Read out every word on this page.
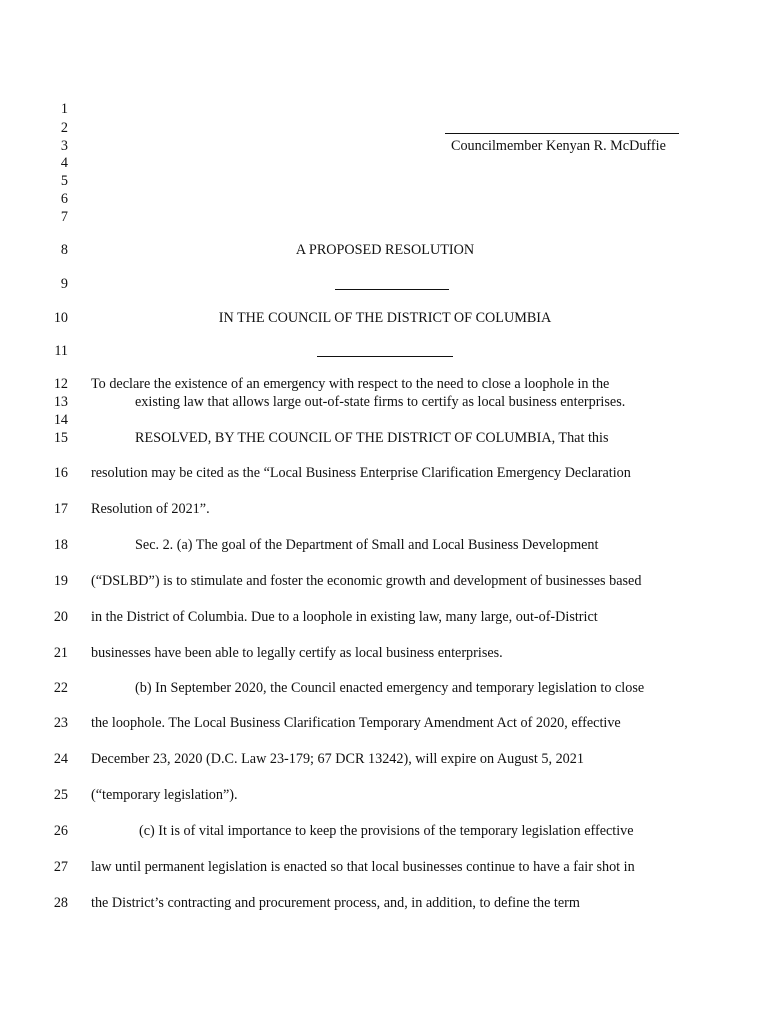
1
2
3
4
5
6
7
8
9
10
11
12
13
14
15
16
17
18
19
20
21
22
23
24
25
26
27
28
Councilmember Kenyan R. McDuffie
A PROPOSED RESOLUTION
IN THE COUNCIL OF THE DISTRICT OF COLUMBIA
To declare the existence of an emergency with respect to the need to close a loophole in the
existing law that allows large out-of-state firms to certify as local business enterprises.
RESOLVED, BY THE COUNCIL OF THE DISTRICT OF COLUMBIA, That this
resolution may be cited as the “Local Business Enterprise Clarification Emergency Declaration
Resolution of 2021”.
Sec. 2. (a) The goal of the Department of Small and Local Business Development
(“DSLBD”) is to stimulate and foster the economic growth and development of businesses based
in the District of Columbia. Due to a loophole in existing law, many large, out-of-District
businesses have been able to legally certify as local business enterprises.
(b) In September 2020, the Council enacted emergency and temporary legislation to close
the loophole. The Local Business Clarification Temporary Amendment Act of 2020, effective
December 23, 2020 (D.C. Law 23-179; 67 DCR 13242), will expire on August 5, 2021
(“temporary legislation”).
(c) It is of vital importance to keep the provisions of the temporary legislation effective
law until permanent legislation is enacted so that local businesses continue to have a fair shot in
the District’s contracting and procurement process, and, in addition, to define the term
